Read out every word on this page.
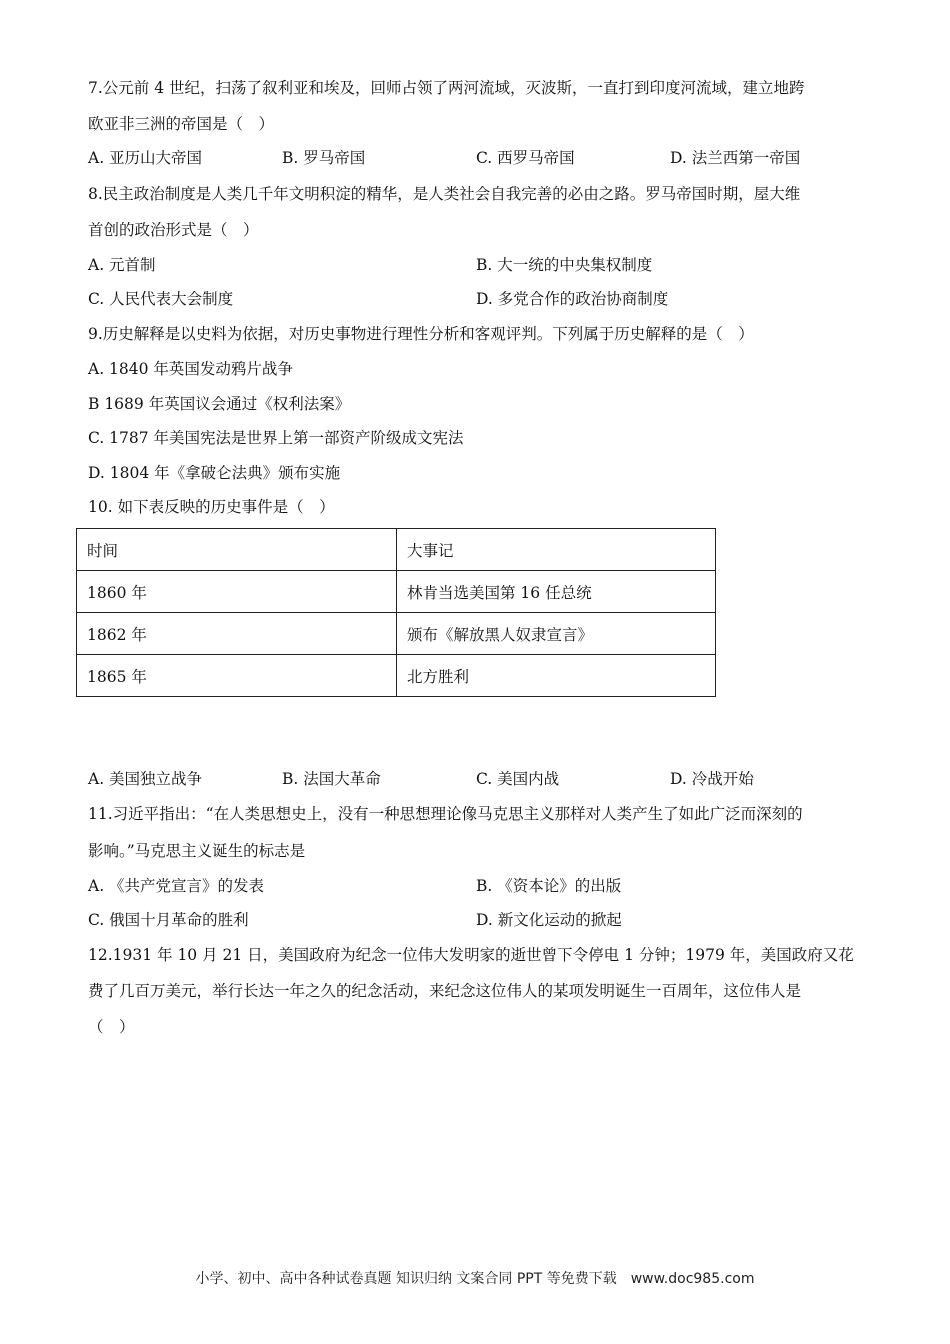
7.公元前 4 世纪，扫荡了叙利亚和埃及，回师占领了两河流域，灭波斯，一直打到印度河流域，建立地跨
欧亚非三洲的帝国是（　）
A. 亚历山大帝国	B. 罗马帝国	C. 西罗马帝国	D. 法兰西第一帝国
8.民主政治制度是人类几千年文明积淀的精华，是人类社会自我完善的必由之路。罗马帝国时期，屋大维
首创的政治形式是（　）
A. 元首制	B. 大一统的中央集权制度
C. 人民代表大会制度	D. 多党合作的政治协商制度
9.历史解释是以史料为依据，对历史事物进行理性分析和客观评判。下列属于历史解释的是（　）
A. 1840 年英国发动鸦片战争
B 1689 年英国议会通过《权利法案》
C. 1787 年美国宪法是世界上第一部资产阶级成文宪法
D. 1804 年《拿破仑法典》颁布实施
10. 如下表反映的历史事件是（　）
时间	大事记
1860 年	林肯当选美国第 16 任总统
1862 年	颁布《解放黑人奴隶宣言》
1865 年	北方胜利
A. 美国独立战争	B. 法国大革命	C. 美国内战	D. 冷战开始
11.习近平指出：“在人类思想史上，没有一种思想理论像马克思主义那样对人类产生了如此广泛而深刻的
影响。”马克思主义诞生的标志是
A. 《共产党宣言》的发表	B. 《资本论》的出版
C. 俄国十月革命的胜利	D. 新文化运动的掀起
12.1931 年 10 月 21 日，美国政府为纪念一位伟大发明家的逝世曾下令停电 1 分钟；1979 年，美国政府又花
费了几百万美元，举行长达一年之久的纪念活动，来纪念这位伟人的某项发明诞生一百周年，这位伟人是
（　）
小学、初中、高中各种试卷真题 知识归纳 文案合同 PPT 等免费下载　www.doc985.com
